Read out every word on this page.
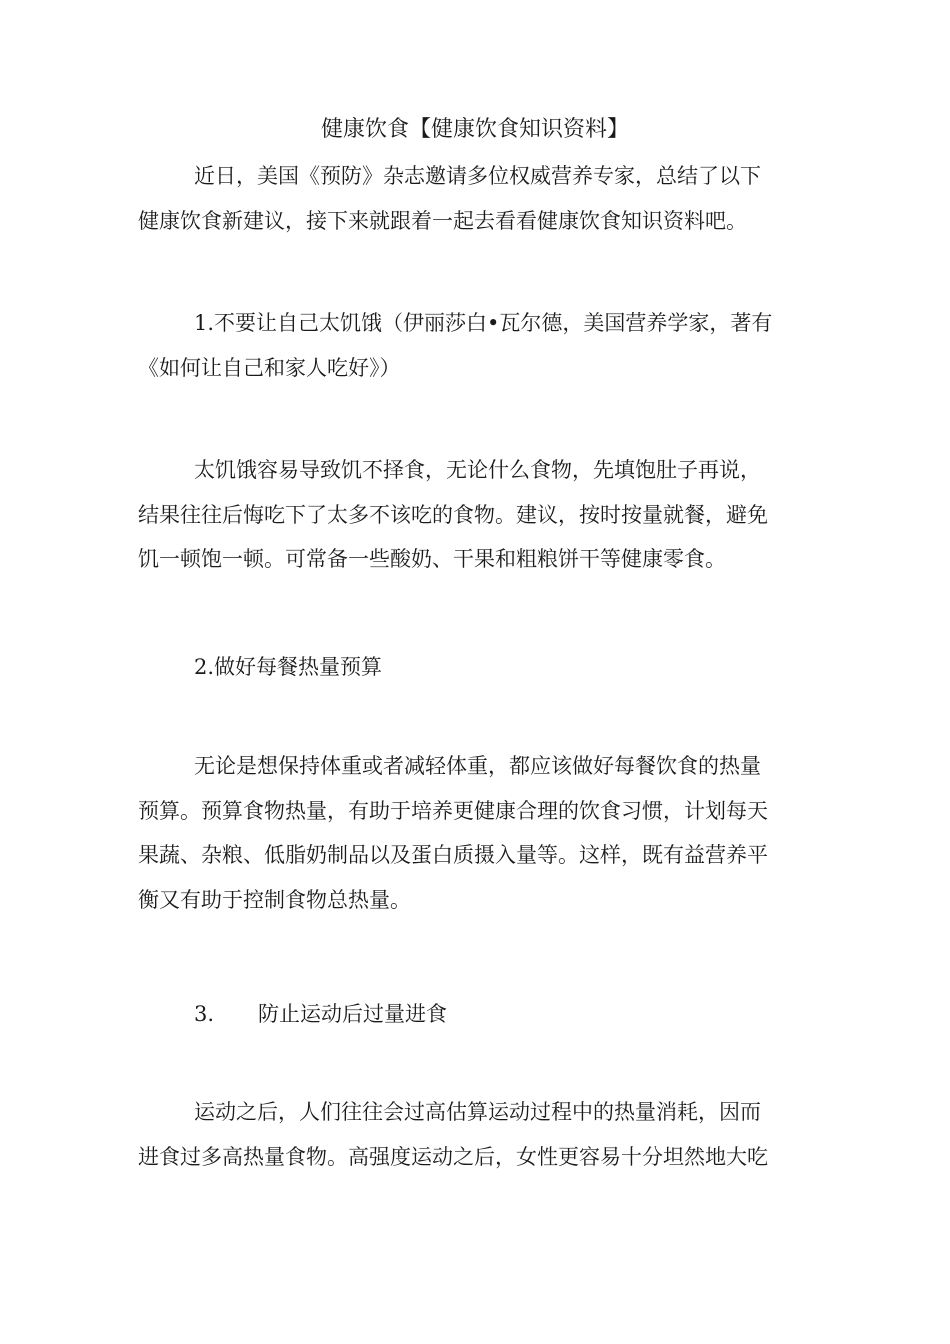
健康饮食【健康饮食知识资料】
近日，美国《预防》杂志邀请多位权威营养专家，总结了以下
健康饮食新建议，接下来就跟着一起去看看健康饮食知识资料吧。
1.不要让自己太饥饿（伊丽莎白•瓦尔德，美国营养学家，著有
《如何让自己和家人吃好》）
太饥饿容易导致饥不择食，无论什么食物，先填饱肚子再说，
结果往往后悔吃下了太多不该吃的食物。建议，按时按量就餐，避免
饥一顿饱一顿。可常备一些酸奶、干果和粗粮饼干等健康零食。
2.做好每餐热量预算
无论是想保持体重或者减轻体重，都应该做好每餐饮食的热量
预算。预算食物热量，有助于培养更健康合理的饮食习惯，计划每天
果蔬、杂粮、低脂奶制品以及蛋白质摄入量等。这样，既有益营养平
衡又有助于控制食物总热量。
3. 防止运动后过量进食
运动之后，人们往往会过高估算运动过程中的热量消耗，因而
进食过多高热量食物。高强度运动之后，女性更容易十分坦然地大吃
